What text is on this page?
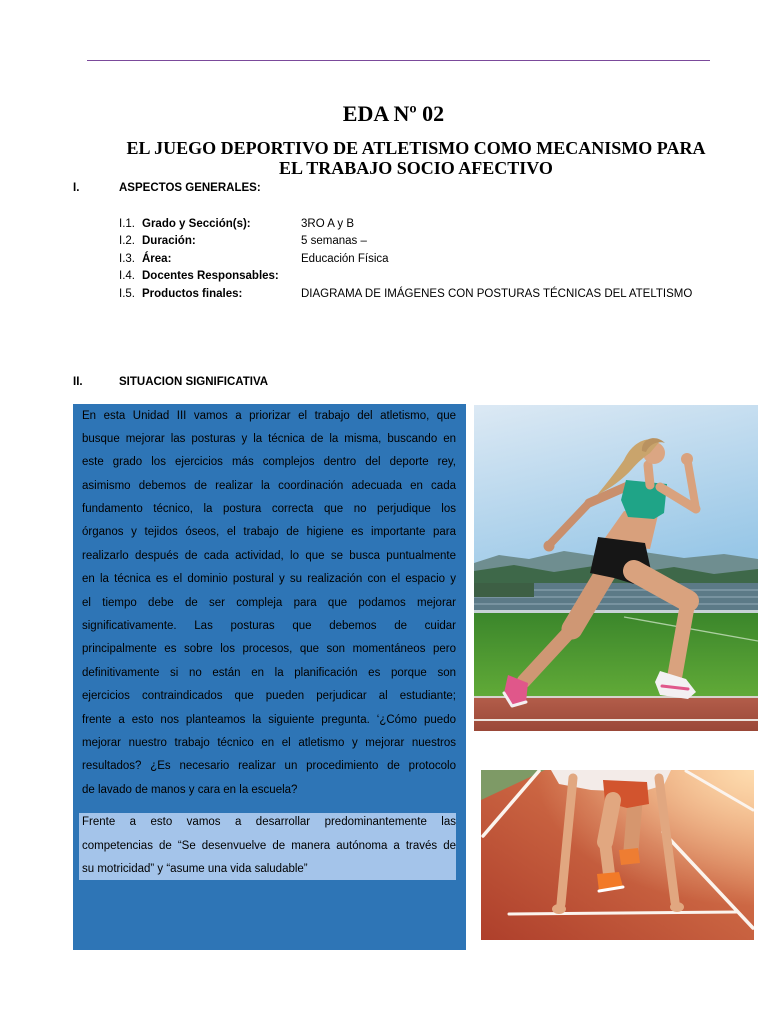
EDA Nº 02
EL JUEGO DEPORTIVO DE ATLETISMO COMO MECANISMO PARA
EL TRABAJO SOCIO AFECTIVO
I.	ASPECTOS GENERALES:
I.1. Grado y Sección(s):	3RO A y B
I.2. Duración:	5 semanas –
I.3. Área:	Educación Física
I.4. Docentes Responsables:
I.5. Productos finales:	DIAGRAMA DE IMÁGENES CON POSTURAS TÉCNICAS DEL ATELTISMO
II.	SITUACION SIGNIFICATIVA
En esta Unidad III vamos a priorizar el trabajo del atletismo, que
busque mejorar las posturas y la técnica de la misma, buscando en
este grado los ejercicios más complejos dentro del deporte rey,
asimismo debemos de realizar la coordinación adecuada en cada
fundamento técnico, la postura correcta que no perjudique los
órganos y tejidos óseos, el trabajo de higiene es importante para
realizarlo después de cada actividad, lo que se busca puntualmente
en la técnica es el dominio postural y su realización con el espacio y
el tiempo debe de ser compleja para que podamos mejorar
significativamente. Las posturas que debemos de cuidar
principalmente es sobre los procesos, que son momentáneos pero
definitivamente si no están en la planificación es porque son
ejercicios contraindicados que pueden perjudicar al estudiante;
frente a esto nos planteamos la siguiente pregunta. ‘¿Cómo puedo
mejorar nuestro trabajo técnico en el atletismo y mejorar nuestros
resultados? ¿Es necesario realizar un procedimiento de protocolo
de lavado de manos y cara en la escuela?
Frente a esto vamos a desarrollar predominantemente las
competencias de “Se desenvuelve de manera autónoma a través de
su motricidad” y “asume una vida saludable”
